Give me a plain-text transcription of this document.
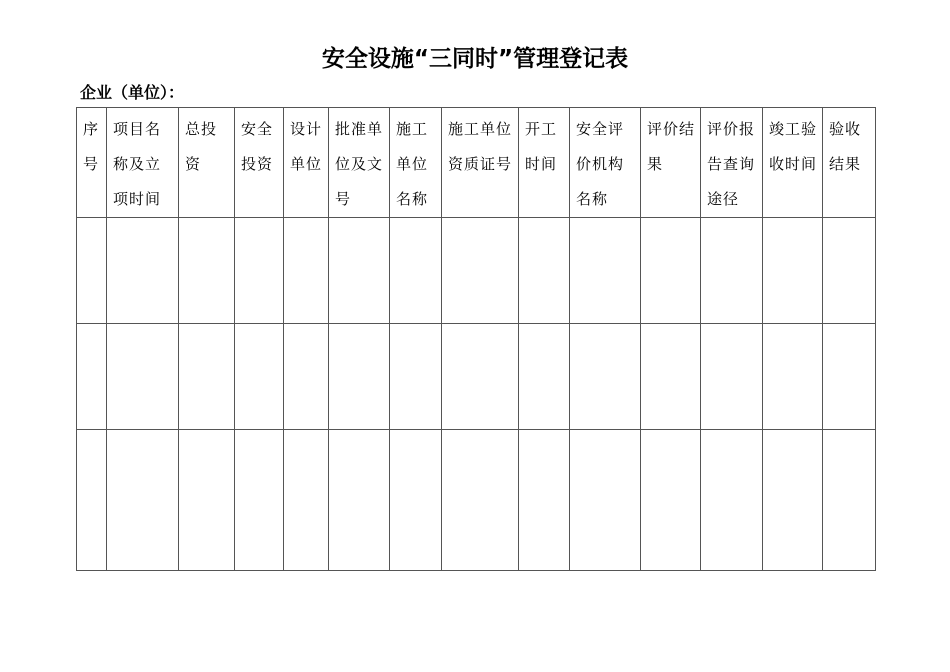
安全设施“三同时”管理登记表
企业（单位）：
序号	项目名称及立项时间	总投资	安全投资	设计单位	批准单位及文号	施工单位名称	施工单位资质证号	开工时间	安全评价机构名称	评价结果	评价报告查询途径	竣工验收时间	验收结果
